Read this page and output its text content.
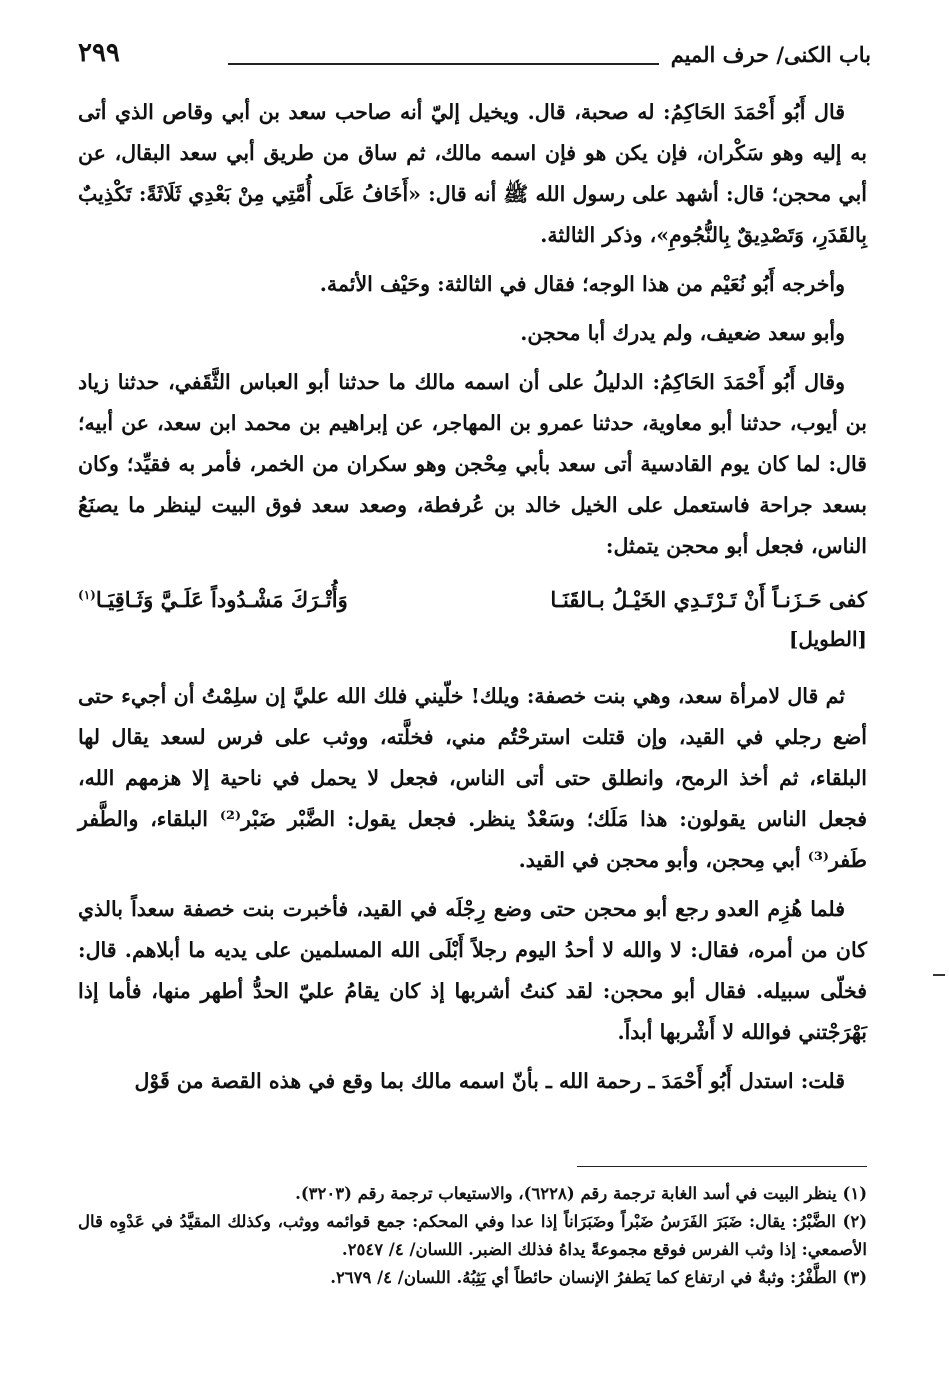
باب الكنى/ حرف الميم
٢٩٩

قال أَبُو أَحْمَدَ الحَاكِمُ: له صحبة، قال. ويخيل إليّ أنه صاحب سعد بن أبي وقاص الذي أتى به إليه وهو سَكْران، فإن يكن هو فإن اسمه مالك، ثم ساق من طريق أبي سعد البقال، عن أبي محجن؛ قال: أشهد على رسول الله ﷺ أنه قال: «أَخَافُ عَلَى أُمَّتِي مِنْ بَعْدِي ثَلَاثَةً: تَكْذِيبٌ بِالقَدَرِ، وَتَصْدِيقٌ بِالنُّجُومِ»، وذكر الثالثة.

وأخرجه أَبُو نُعَيْم من هذا الوجه؛ فقال في الثالثة: وحَيْف الأئمة.

وأبو سعد ضعيف، ولم يدرك أبا محجن.

وقال أَبُو أَحْمَدَ الحَاكِمُ: الدليلُ على أن اسمه مالك ما حدثنا أبو العباس الثَّقَفي، حدثنا زياد بن أيوب، حدثنا أبو معاوية، حدثنا عمرو بن المهاجر، عن إبراهيم بن محمد ابن سعد، عن أبيه؛ قال: لما كان يوم القادسية أتى سعد بأبي مِحْجن وهو سكران من الخمر، فأمر به فقيِّد؛ وكان بسعد جراحة فاستعمل على الخيل خالد بن عُرفطة، وصعد سعد فوق البيت لينظر ما يصنَعُ الناس، فجعل أبو محجن يتمثل:

كفى حَـزَنـاً أَنْ تَـرْتَـدِي الخَيْـلُ بـالقَنَـا
وَأُتْـرَكَ مَشْـدُوداً عَلَـيَّ وَثَـاقِيَـا$^{(١)}$
[الطويل]

ثم قال لامرأة سعد، وهي بنت خصفة: ويلك! خلّيني فلك الله عليَّ إن سلِمْتُ أن أجيء حتى أضع رجلي في القيد، وإن قتلت استرحْتُم مني، فخلَّته، ووثب على فرس لسعد يقال لها البلقاء، ثم أخذ الرمح، وانطلق حتى أتى الناس، فجعل لا يحمل في ناحية إلا هزمهم الله، فجعل الناس يقولون: هذا مَلَك؛ وسَعْدٌ ينظر. فجعل يقول: الضَّبْر ضَبْر⁽²⁾ البلقاء، والطَّفر طَفر⁽³⁾ أبي مِحجن، وأبو محجن في القيد.

فلما هُزِم العدو رجع أبو محجن حتى وضع رِجْلَه في القيد، فأخبرت بنت خصفة سعداً بالذي كان من أمره، فقال: لا والله لا أحدُ اليوم رجلاً أَبْلَى الله المسلمين على يديه ما أبلاهم. قال: فخلّى سبيله. فقال أبو محجن: لقد كنتُ أشربها إذ كان يقامُ عليّ الحدُّ أطهر منها، فأما إذا بَهْرَجْتني فوالله لا أَشْربها أبداً.

قلت: استدل أَبُو أَحْمَدَ ـ رحمة الله ـ بأنّ اسمه مالك بما وقع في هذه القصة من قَوْل

(١) ينظر البيت في أسد الغابة ترجمة رقم (٦٢٢٨)، والاستيعاب ترجمة رقم (٣٢٠٣).

(٢) الضَّبْرُ: يقال: ضَبَرَ الفَرَسُ ضَبْراً وضَبَرَاناً إذا عدا وفي المحكم: جمع قوائمه ووثب، وكذلك المقيَّدُ في عَدْوِه قال الأصمعي: إذا وثب الفرس فوقع مجموعةً يداهُ فذلك الضبر. اللسان/ ٤/ ٢٥٤٧.

(٣) الطَّفْرُ: وثبةٌ في ارتفاع كما يَطفرُ الإنسان حائطاً أي يَثِبُهُ. اللسان/ ٤/ ٢٦٧٩.
